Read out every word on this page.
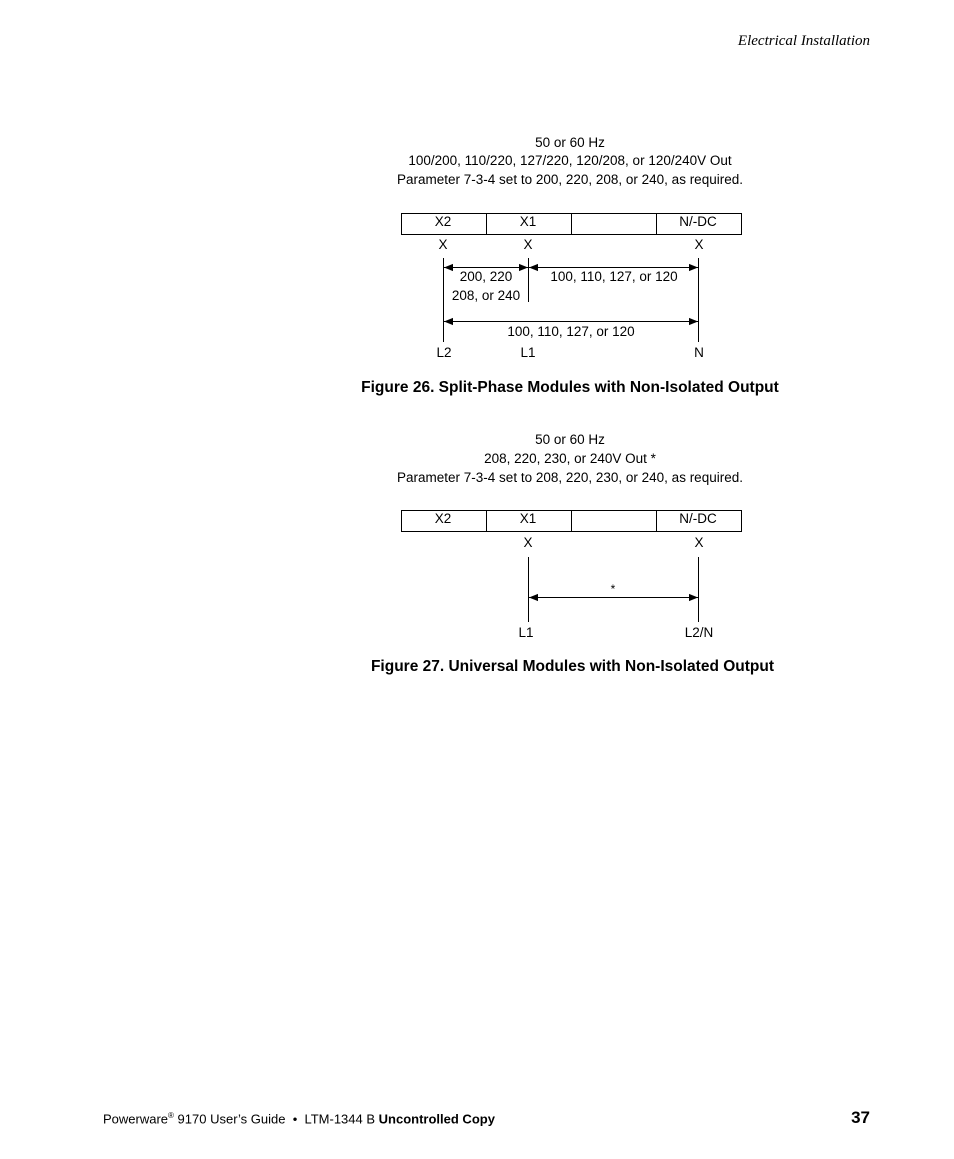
Electrical Installation
50 or 60 Hz
100/200, 110/220, 127/220, 120/208, or 120/240V Out
Parameter 7-3-4 set to 200, 220, 208, or 240, as required.
X2	X1	N/-DC
X	X	X
200, 220
208, or 240
100, 110, 127, or 120
100, 110, 127, or 120
L2	L1	N
Figure 26. Split-Phase Modules with Non-Isolated Output
50 or 60 Hz
208, 220, 230, or 240V Out *
Parameter 7-3-4 set to 208, 220, 230, or 240, as required.
X2	X1	N/-DC
X	X
*
L1	L2/N
Figure 27. Universal Modules with Non-Isolated Output
Powerware® 9170 User’s Guide  •  LTM-1344 B Uncontrolled Copy	37
